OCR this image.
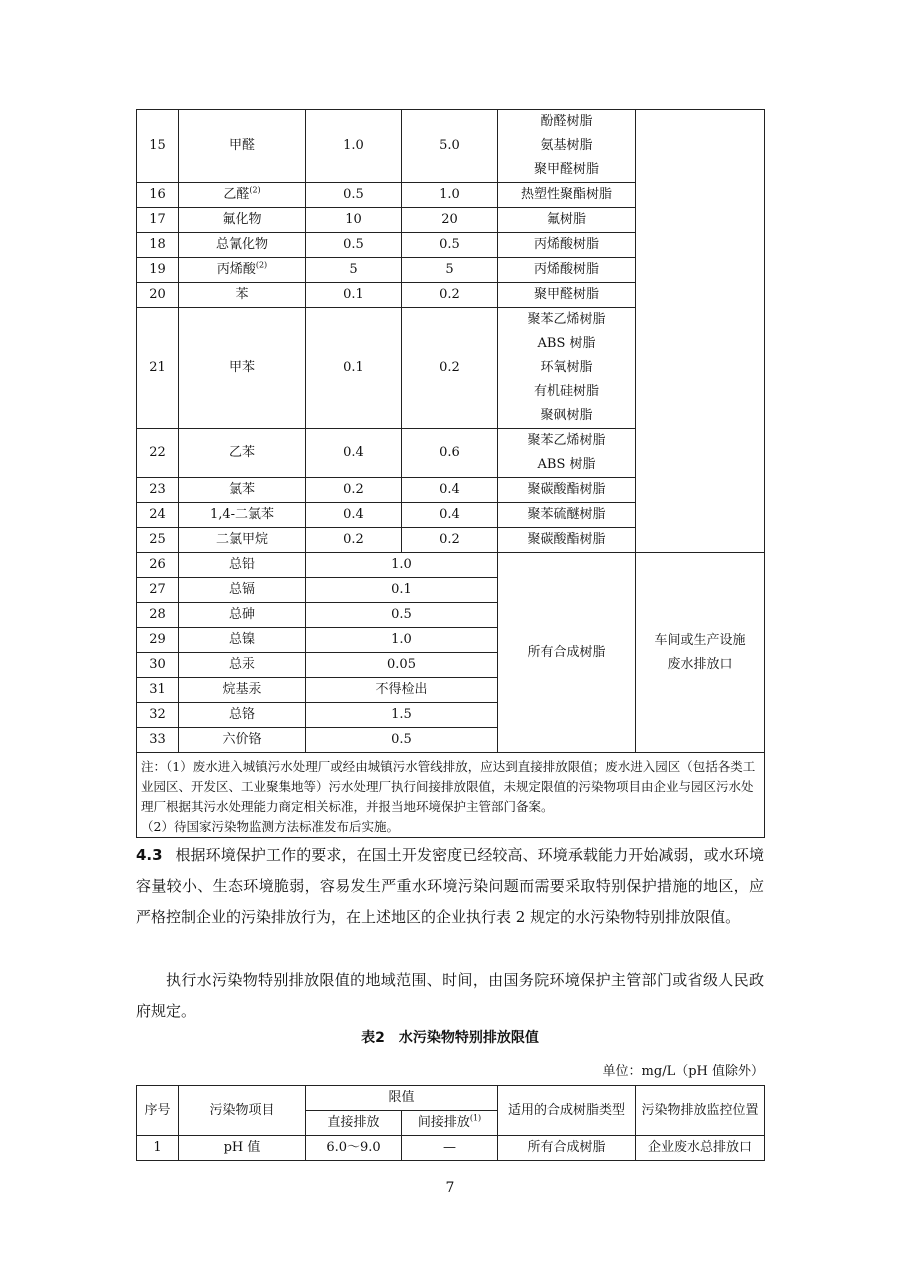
15	甲醛	1.0	5.0	酚醛树脂
氨基树脂
聚甲醛树脂	

16	乙醛$^{(2)}$	0.5	1.0	热塑性聚酯树脂	

17	氟化物	10	20	氟树脂	

18	总氰化物	0.5	0.5	丙烯酸树脂	

19	丙烯酸$^{(2)}$	5	5	丙烯酸树脂	

20	苯	0.1	0.2	聚甲醛树脂	

21	甲苯	0.1	0.2	聚苯乙烯树脂
ABS 树脂
环氧树脂
有机硅树脂
聚砜树脂	

22	乙苯	0.4	0.6	聚苯乙烯树脂
ABS 树脂	

23	氯苯	0.2	0.4	聚碳酸酯树脂	

24	1,4-二氯苯	0.4	0.4	聚苯硫醚树脂	

25	二氯甲烷	0.2	0.2	聚碳酸酯树脂	

26	总铅	1.0		所有合成树脂	车间或生产设施
废水排放口

27	总镉	0.1			
28	总砷	0.5			
29	总镍	1.0			
30	总汞	0.05			
31	烷基汞	不得检出			
32	总铬	1.5			
33	六价铬	0.5			

注：（1）废水进入城镇污水处理厂或经由城镇污水管线排放，应达到直接排放限值；废水进入园区（包括各类工业园区、开发区、工业聚集地等）污水处理厂执行间接排放限值，未规定限值的污染物项目由企业与园区污水处理厂根据其污水处理能力商定相关标准，并报当地环境保护主管部门备案。

（2）待国家污染物监测方法标准发布后实施。					

4.3 根据环境保护工作的要求，在国土开发密度已经较高、环境承载能力开始减弱，或水环境容量较小、生态环境脆弱，容易发生严重水环境污染问题而需要采取特别保护措施的地区，应严格控制企业的污染排放行为，在上述地区的企业执行表 2 规定的水污染物特别排放限值。

执行水污染物特别排放限值的地域范围、时间，由国务院环境保护主管部门或省级人民政府规定。

表2　水污染物特别排放限值
单位：mg/L（pH 值除外）
序号	污染物项目	限值		适用的合成树脂类型	污染物排放监控位置
		直接排放	间接排放$^{(1)}$
1	pH 值	6.0～9.0	—	所有合成树脂	企业废水总排放口
7
